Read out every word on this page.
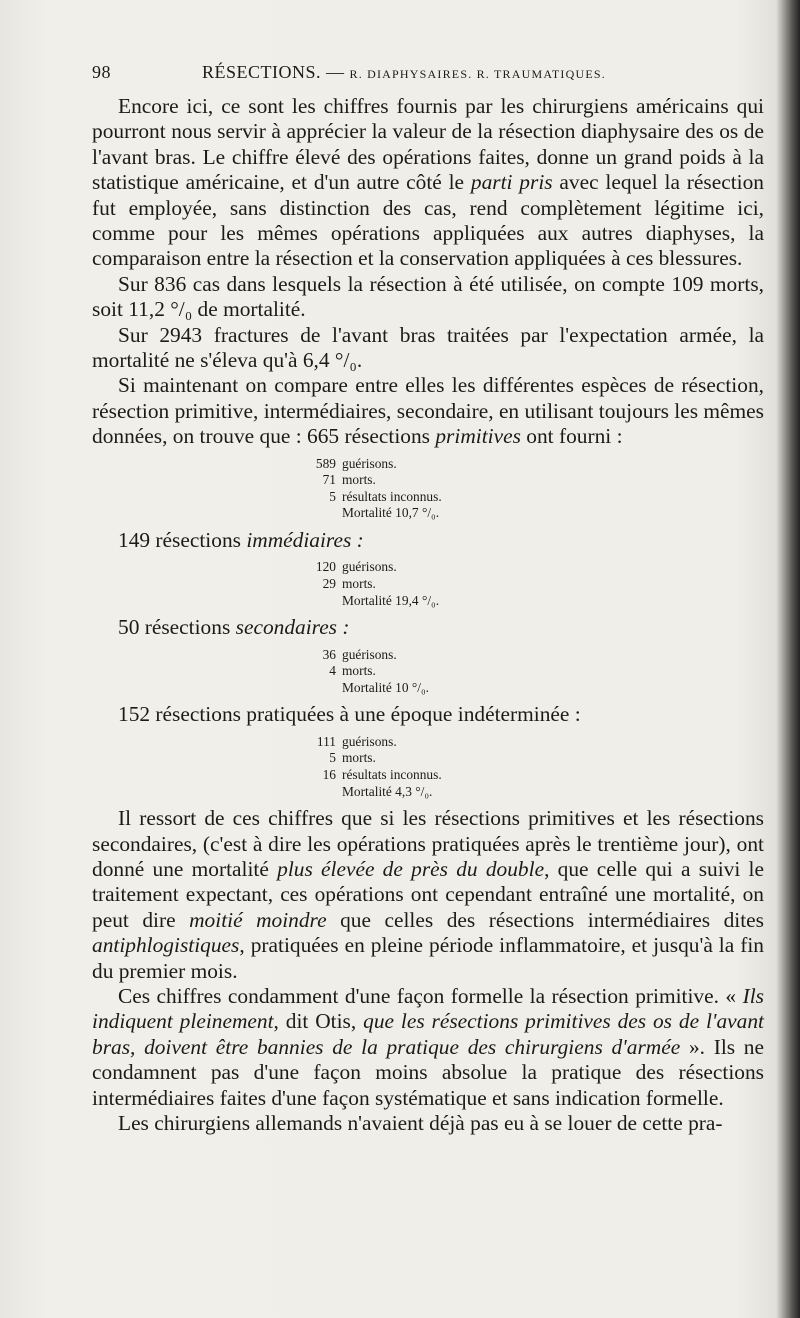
98	RÉSECTIONS. — R. DIAPHYSAIRES. R. TRAUMATIQUES.

Encore ici, ce sont les chiffres fournis par les chirurgiens américains qui pourront nous servir à apprécier la valeur de la résection diaphysaire des os de l'avant bras. Le chiffre élevé des opérations faites, donne un grand poids à la statistique américaine, et d'un autre côté le parti pris avec lequel la résection fut employée, sans distinction des cas, rend complètement légitime ici, comme pour les mêmes opérations appliquées aux autres diaphyses, la comparaison entre la résection et la conservation appliquées à ces blessures.

Sur 836 cas dans lesquels la résection à été utilisée, on compte 109 morts, soit 11,2 °/₀ de mortalité.

Sur 2943 fractures de l'avant bras traitées par l'expectation armée, la mortalité ne s'éleva qu'à 6,4 °/₀.

Si maintenant on compare entre elles les différentes espèces de résection, résection primitive, intermédiaires, secondaire, en utilisant toujours les mêmes données, on trouve que : 665 résections primitives ont fourni :

589 guérisons.
71 morts.
5 résultats inconnus.
Mortalité 10,7 °/₀.

149 résections immédiaires :

120 guérisons.
29 morts.
Mortalité 19,4 °/₀.

50 résections secondaires :

36 guérisons.
4 morts.
Mortalité 10 °/₀.

152 résections pratiquées à une époque indéterminée :

111 guérisons.
5 morts.
16 résultats inconnus.
Mortalité 4,3 °/₀.

Il ressort de ces chiffres que si les résections primitives et les résections secondaires, (c'est à dire les opérations pratiquées après le trentième jour), ont donné une mortalité plus élevée de près du double, que celle qui a suivi le traitement expectant, ces opérations ont cependant entraîné une mortalité, on peut dire moitié moindre que celles des résections intermédiaires dites antiphlogistiques, pratiquées en pleine période inflammatoire, et jusqu'à la fin du premier mois.

Ces chiffres condamment d'une façon formelle la résection primitive. « Ils indiquent pleinement, dit Otis, que les résections primitives des os de l'avant bras, doivent être bannies de la pratique des chirurgiens d'armée ». Ils ne condamnent pas d'une façon moins absolue la pratique des résections intermédiaires faites d'une façon systématique et sans indication formelle.

Les chirurgiens allemands n'avaient déjà pas eu à se louer de cette pra-
